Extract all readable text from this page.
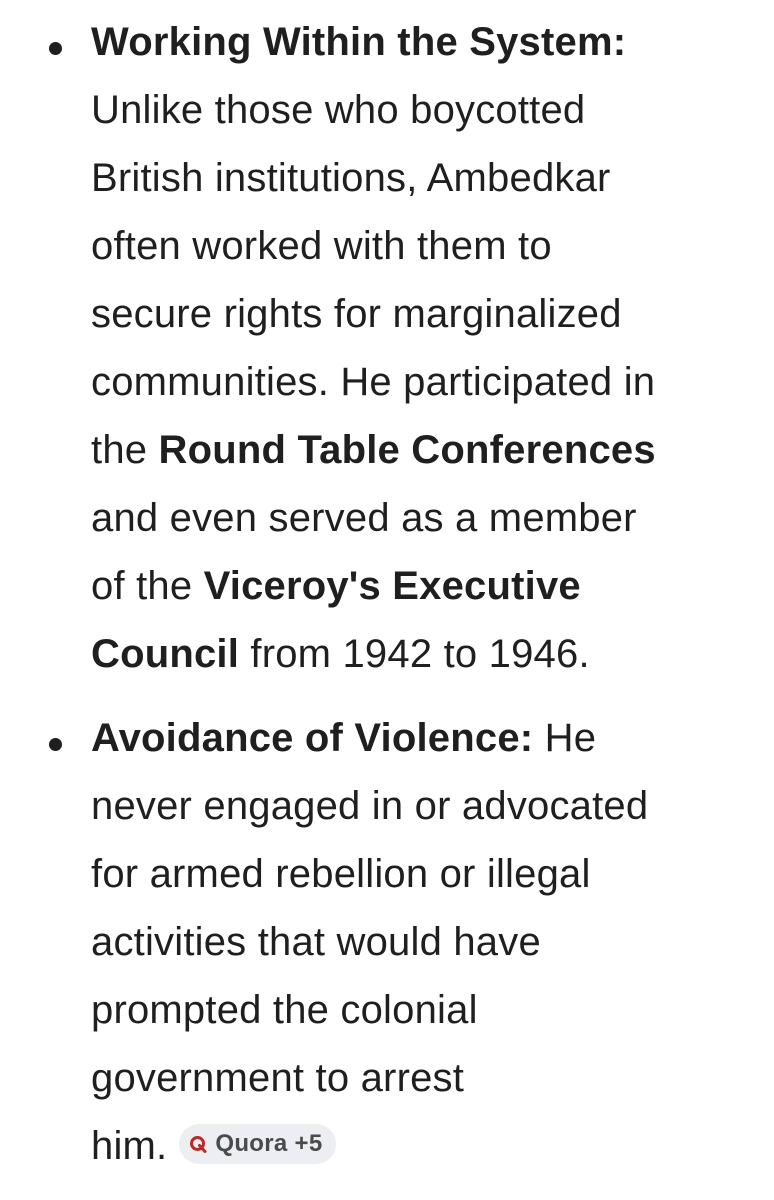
Working Within the System:
Unlike those who boycotted
British institutions, Ambedkar
often worked with them to
secure rights for marginalized
communities. He participated in
the Round Table Conferences
and even served as a member
of the Viceroy's Executive
Council from 1942 to 1946.
Avoidance of Violence: He
never engaged in or advocated
for armed rebellion or illegal
activities that would have
prompted the colonial
government to arrest
him. Quora +5
